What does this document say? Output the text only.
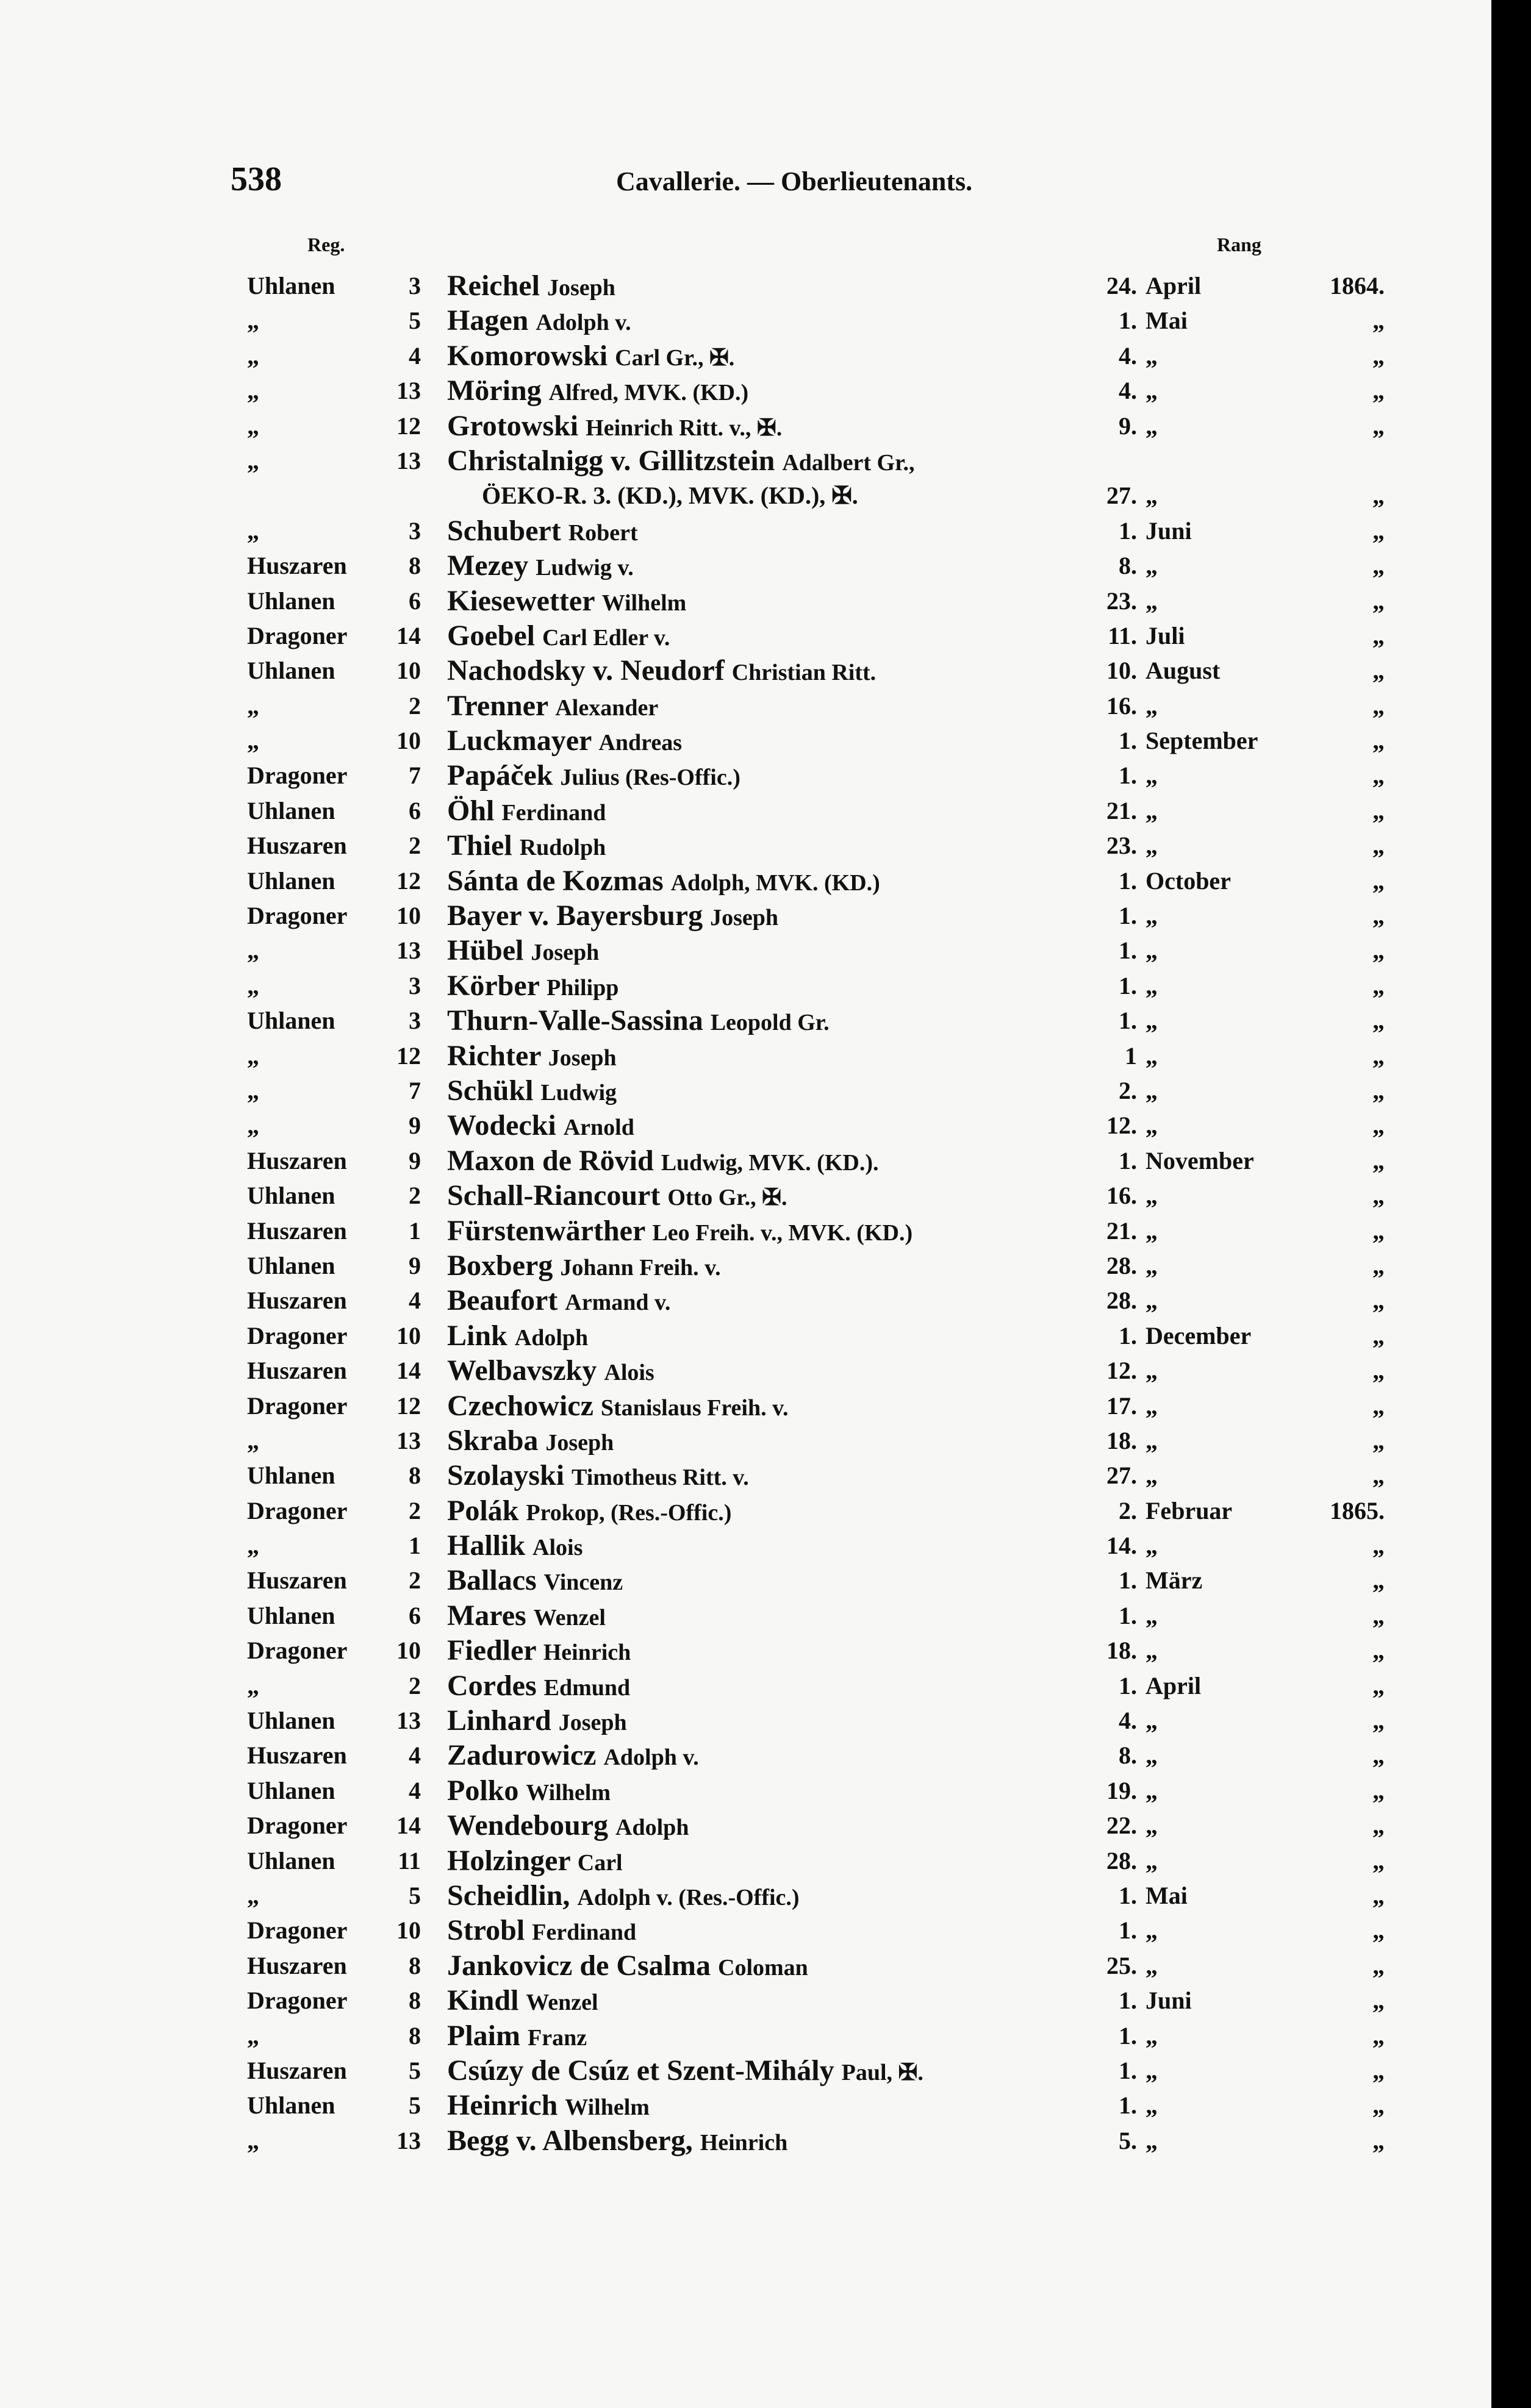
538	Cavallerie. — Oberlieutenants.
Reg.	Rang
Uhlanen	3 Reichel Joseph	24. April	1864.
„	5 Hagen Adolph v.	1. Mai	„
„	4 Komorowski Carl Gr., ✠.	4. „	„
„	13 Möring Alfred, MVK. (KD.)	4. „	„
„	12 Grotowski Heinrich Ritt. v., ✠.	9. „	„
„	13 Christalnigg v. Gillitzstein Adalbert Gr.,
ÖEKO-R. 3. (KD.), MVK. (KD.), ✠.	27. „	„
„	3 Schubert Robert	1. Juni	„
Huszaren	8 Mezey Ludwig v.	8. „	„
Uhlanen	6 Kiesewetter Wilhelm	23. „	„
Dragoner	14 Goebel Carl Edler v.	11. Juli	„
Uhlanen	10 Nachodsky v. Neudorf Christian Ritt.	10. August	„
„	2 Trenner Alexander	16. „	„
„	10 Luckmayer Andreas	1. September	„
Dragoner	7 Papáček Julius (Res-Offic.)	1. „	„
Uhlanen	6 Öhl Ferdinand	21. „	„
Huszaren	2 Thiel Rudolph	23. „	„
Uhlanen	12 Sánta de Kozmas Adolph, MVK. (KD.)	1. October	„
Dragoner	10 Bayer v. Bayersburg Joseph	1. „	„
„	13 Hübel Joseph	1. „	„
„	3 Körber Philipp	1. „	„
Uhlanen	3 Thurn-Valle-Sassina Leopold Gr.	1. „	„
„	12 Richter Joseph	1 „	„
„	7 Schükl Ludwig	2. „	„
„	9 Wodecki Arnold	12. „	„
Huszaren	9 Maxon de Rövid Ludwig, MVK. (KD.).	1. November	„
Uhlanen	2 Schall-Riancourt Otto Gr., ✠.	16. „	„
Huszaren	1 Fürstenwärther Leo Freih. v., MVK. (KD.)	21. „	„
Uhlanen	9 Boxberg Johann Freih. v.	28. „	„
Huszaren	4 Beaufort Armand v.	28. „	„
Dragoner	10 Link Adolph	1. December	„
Huszaren	14 Welbavszky Alois	12. „	„
Dragoner	12 Czechowicz Stanislaus Freih. v.	17. „	„
„	13 Skraba Joseph	18. „	„
Uhlanen	8 Szolayski Timotheus Ritt. v.	27. „	„
Dragoner	2 Polák Prokop, (Res.-Offic.)	2. Februar	1865.
„	1 Hallik Alois	14. „	„
Huszaren	2 Ballacs Vincenz	1. März	„
Uhlanen	6 Mares Wenzel	1. „	„
Dragoner	10 Fiedler Heinrich	18. „	„
„	2 Cordes Edmund	1. April	„
Uhlanen	13 Linhard Joseph	4. „	„
Huszaren	4 Zadurowicz Adolph v.	8. „	„
Uhlanen	4 Polko Wilhelm	19. „	„
Dragoner	14 Wendebourg Adolph	22. „	„
Uhlanen	11 Holzinger Carl	28. „	„
„	5 Scheidlin, Adolph v. (Res.-Offic.)	1. Mai	„
Dragoner	10 Strobl Ferdinand	1. „	„
Huszaren	8 Jankovicz de Csalma Coloman	25. „	„
Dragoner	8 Kindl Wenzel	1. Juni	„
„	8 Plaim Franz	1. „	„
Huszaren	5 Csúzy de Csúz et Szent-Mihály Paul, ✠.	1. „	„
Uhlanen	5 Heinrich Wilhelm	1. „	„
„	13 Begg v. Albensberg, Heinrich	5. „	„
